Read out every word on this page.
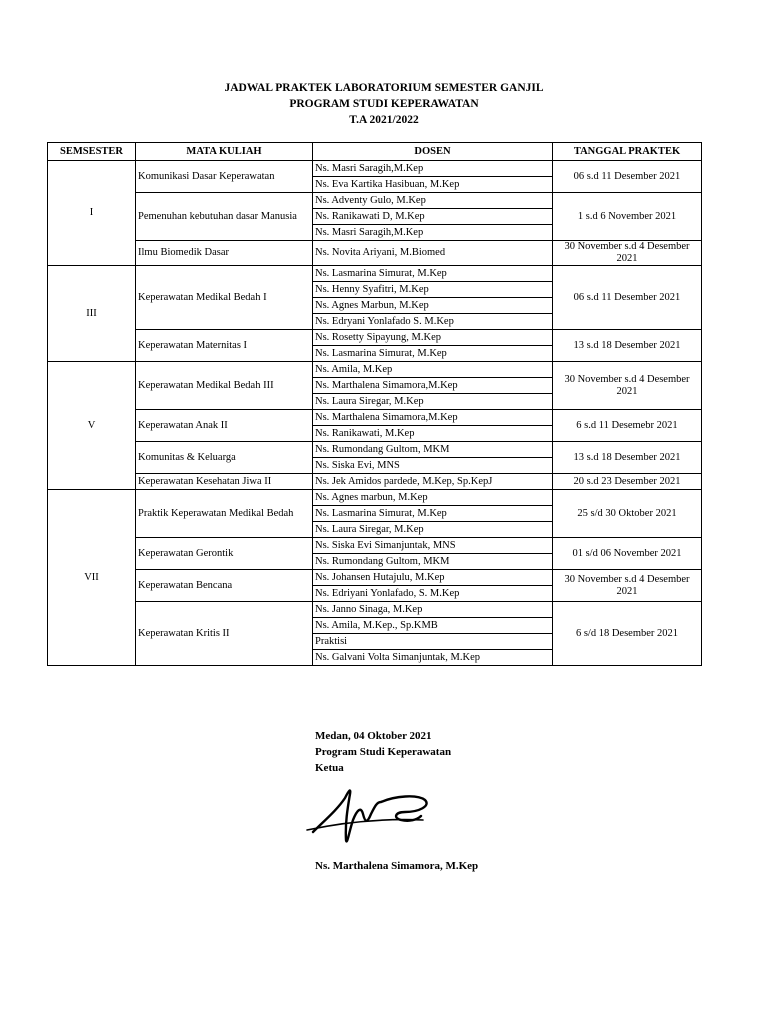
JADWAL PRAKTEK LABORATORIUM SEMESTER GANJIL
PROGRAM STUDI KEPERAWATAN
T.A 2021/2022
SEMSESTER	MATA KULIAH	DOSEN	TANGGAL PRAKTEK
I	Komunikasi Dasar Keperawatan	Ns. Masri Saragih,M.Kep	06 s.d 11 Desember 2021
		Ns. Eva Kartika Hasibuan, M.Kep	
	Pemenuhan kebutuhan dasar Manusia	Ns. Adventy Gulo, M.Kep	1 s.d 6 November 2021
		Ns. Ranikawati D, M.Kep	
		Ns. Masri Saragih,M.Kep	
	Ilmu Biomedik Dasar	Ns. Novita Ariyani, M.Biomed	30 November s.d 4 Desember 2021
III	Keperawatan Medikal Bedah I	Ns. Lasmarina Simurat, M.Kep	06 s.d 11 Desember 2021
		Ns. Henny Syafitri, M.Kep	
		Ns. Agnes Marbun, M.Kep	
		Ns. Edryani Yonlafado S. M.Kep	
	Keperawatan Maternitas I	Ns. Rosetty Sipayung, M.Kep	13 s.d 18 Desember 2021
		Ns. Lasmarina Simurat, M.Kep	
V	Keperawatan Medikal Bedah III	Ns. Amila, M.Kep	30 November s.d 4 Desember 2021
		Ns. Marthalena Simamora,M.Kep	
		Ns. Laura Siregar, M.Kep	
	Keperawatan Anak II	Ns. Marthalena Simamora,M.Kep	6 s.d 11 Desemebr 2021
		Ns. Ranikawati, M.Kep	
	Komunitas & Keluarga	Ns. Rumondang Gultom, MKM	13 s.d 18 Desember 2021
		Ns. Siska Evi, MNS	
	Keperawatan Kesehatan Jiwa II	Ns. Jek Amidos pardede, M.Kep, Sp.KepJ	20 s.d 23 Desember 2021
VII	Praktik Keperawatan Medikal Bedah	Ns. Agnes marbun, M.Kep	25 s/d 30 Oktober 2021
		Ns. Lasmarina Simurat, M.Kep	
		Ns. Laura Siregar, M.Kep	
	Keperawatan Gerontik	Ns. Siska Evi Simanjuntak, MNS	01 s/d 06 November 2021
		Ns. Rumondang Gultom, MKM	
	Keperawatan Bencana	Ns. Johansen Hutajulu, M.Kep	30 November s.d 4 Desember 2021
		Ns. Edriyani Yonlafado, S. M.Kep	
	Keperawatan Kritis II	Ns. Janno Sinaga, M.Kep	6 s/d 18 Desember 2021
		Ns. Amila, M.Kep., Sp.KMB	
		Praktisi	
		Ns. Galvani Volta Simanjuntak, M.Kep	
Medan, 04 Oktober 2021
Program Studi Keperawatan
Ketua
Ns. Marthalena Simamora, M.Kep
